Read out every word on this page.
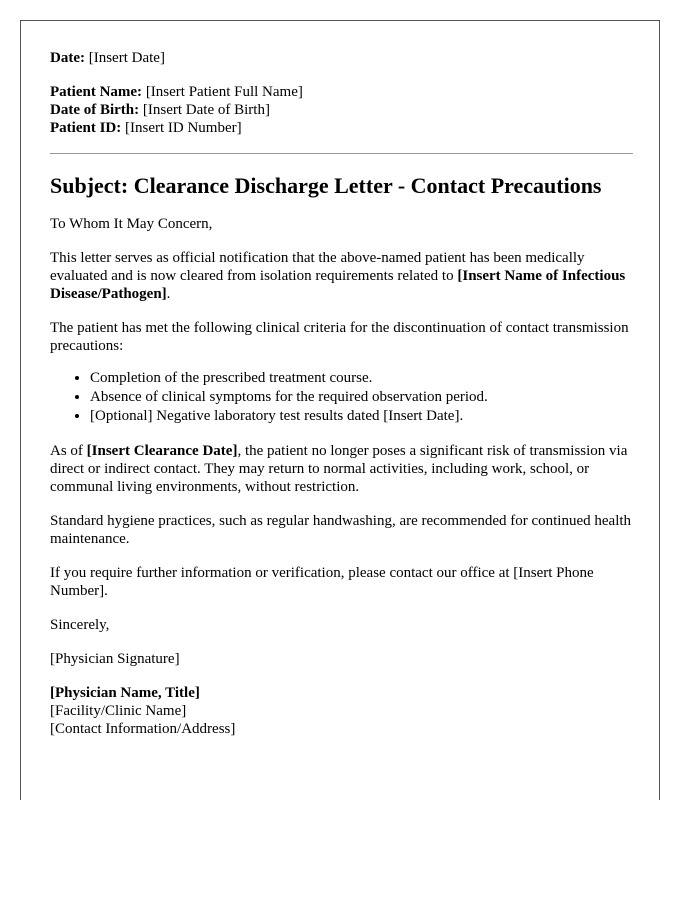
Date: [Insert Date]
Patient Name: [Insert Patient Full Name]
Date of Birth: [Insert Date of Birth]
Patient ID: [Insert ID Number]
Subject: Clearance Discharge Letter - Contact Precautions

To Whom It May Concern,

This letter serves as official notification that the above-named patient has been medically evaluated and is now cleared from isolation requirements related to [Insert Name of Infectious Disease/Pathogen].

The patient has met the following clinical criteria for the discontinuation of contact transmission precautions:

• Completion of the prescribed treatment course.
• Absence of clinical symptoms for the required observation period.
• [Optional] Negative laboratory test results dated [Insert Date].

As of [Insert Clearance Date], the patient no longer poses a significant risk of transmission via direct or indirect contact. They may return to normal activities, including work, school, or communal living environments, without restriction.

Standard hygiene practices, such as regular handwashing, are recommended for continued health maintenance.

If you require further information or verification, please contact our office at [Insert Phone Number].

Sincerely,

[Physician Signature]

[Physician Name, Title]

[Facility/Clinic Name]

[Contact Information/Address]
